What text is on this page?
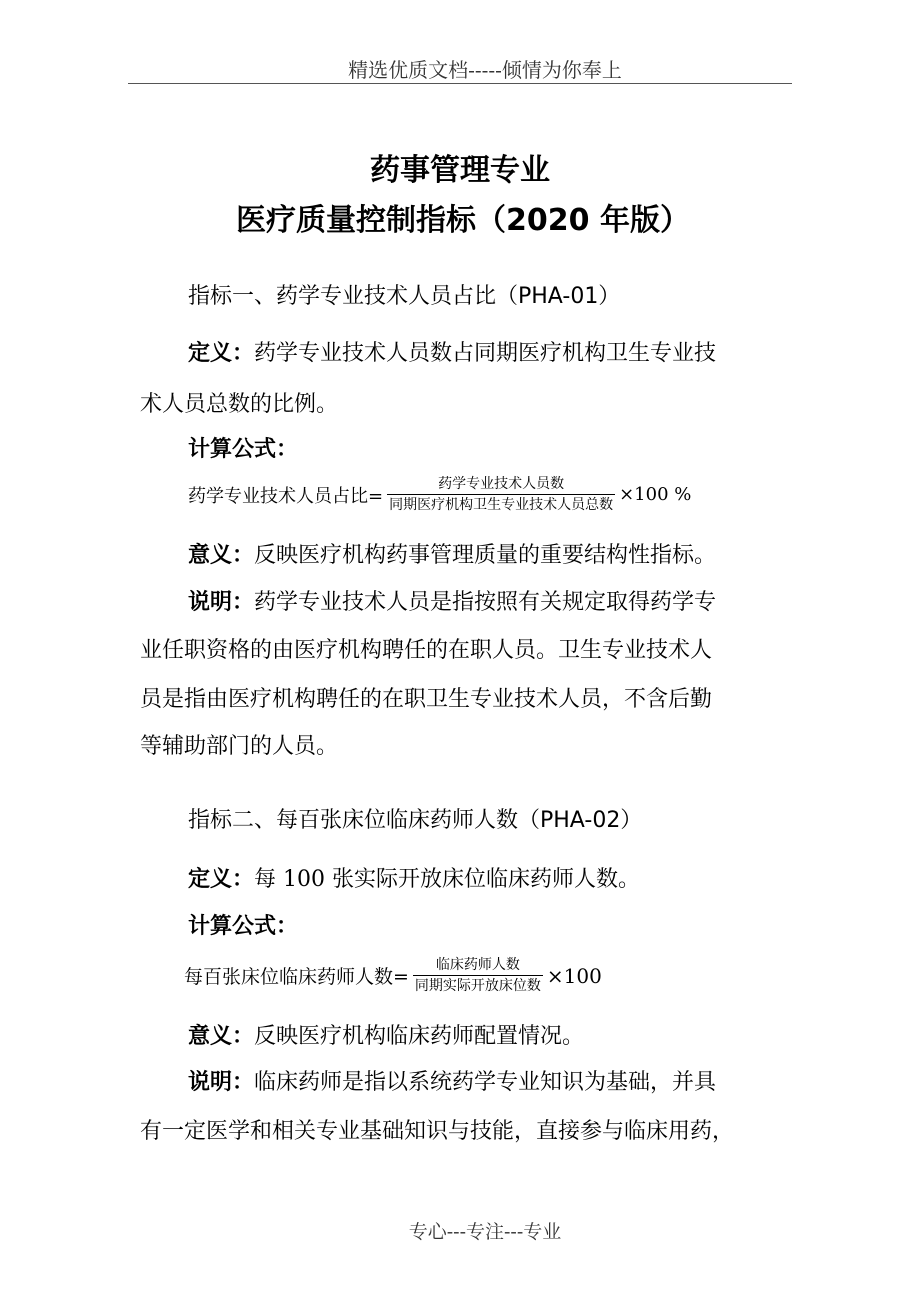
精选优质文档-----倾情为你奉上
药事管理专业
医疗质量控制指标（2020 年版）
指标一、药学专业技术人员占比（PHA-01）
定义：药学专业技术人员数占同期医疗机构卫生专业技
术人员总数的比例。
计算公式：
药学专业技术人员占比= $\frac{\text{药学专业技术人员数}}{\text{同期医疗机构卫生专业技术人员总数}} \times 100$ %
意义：反映医疗机构药事管理质量的重要结构性指标。
说明：药学专业技术人员是指按照有关规定取得药学专
业任职资格的由医疗机构聘任的在职人员。卫生专业技术人
员是指由医疗机构聘任的在职卫生专业技术人员，不含后勤
等辅助部门的人员。
指标二、每百张床位临床药师人数（PHA-02）
定义：每 100 张实际开放床位临床药师人数。
计算公式：
每百张床位临床药师人数= $\frac{\text{临床药师人数}}{\text{同期实际开放床位数}} \times 100$
意义：反映医疗机构临床药师配置情况。
说明：临床药师是指以系统药学专业知识为基础，并具
有一定医学和相关专业基础知识与技能，直接参与临床用药，
专心---专注---专业
